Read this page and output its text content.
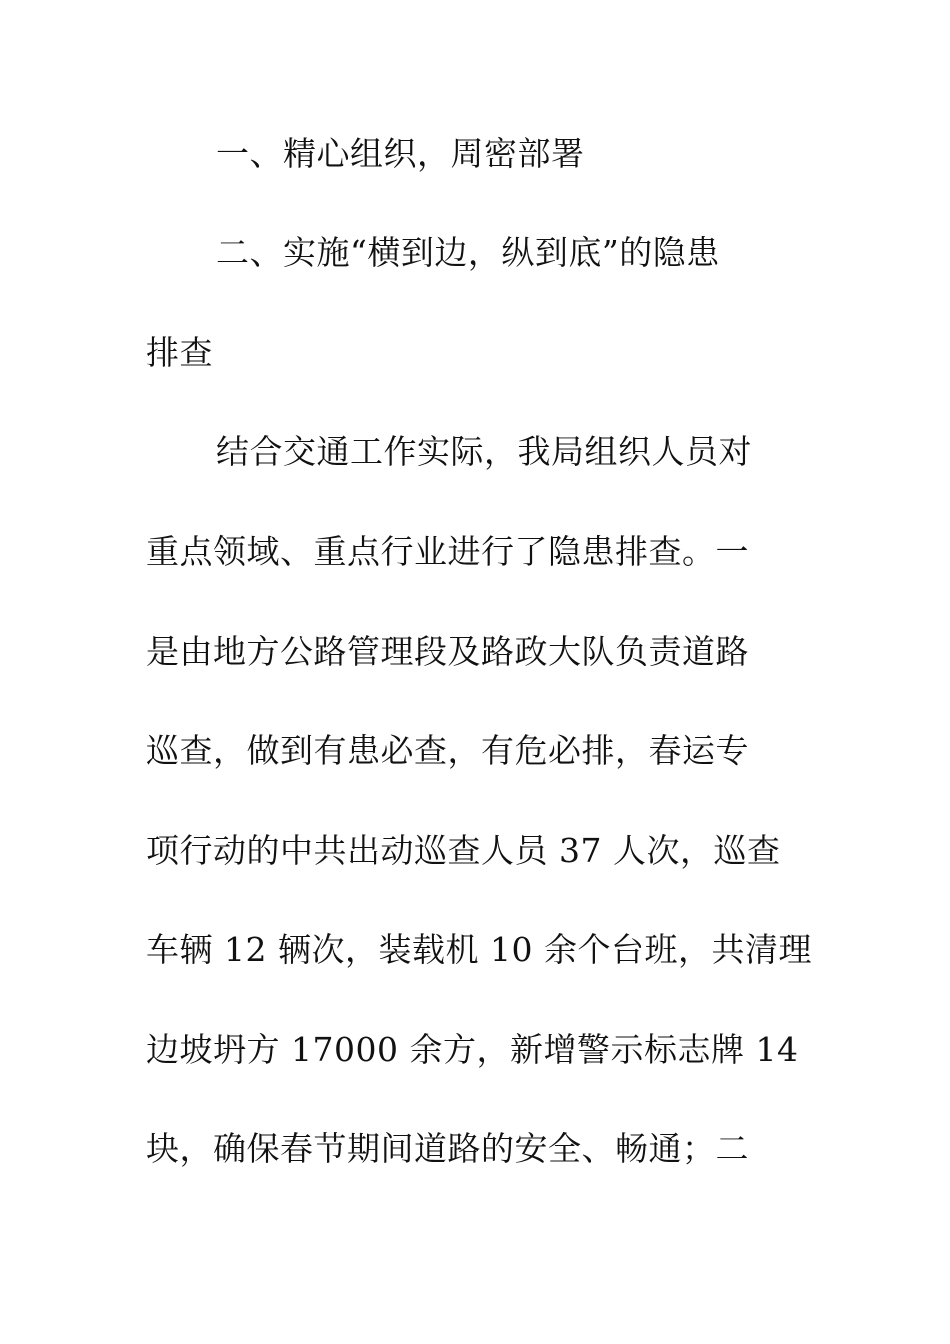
一、精心组织，周密部署
二、实施“横到边，纵到底”的隐患
排查
结合交通工作实际，我局组织人员对
重点领域、重点行业进行了隐患排查。一
是由地方公路管理段及路政大队负责道路
巡查，做到有患必查，有危必排，春运专
项行动的中共出动巡查人员 37 人次，巡查
车辆 12 辆次，装载机 10 余个台班，共清理
边坡坍方 17000 余方，新增警示标志牌 14
块，确保春节期间道路的安全、畅通；二
